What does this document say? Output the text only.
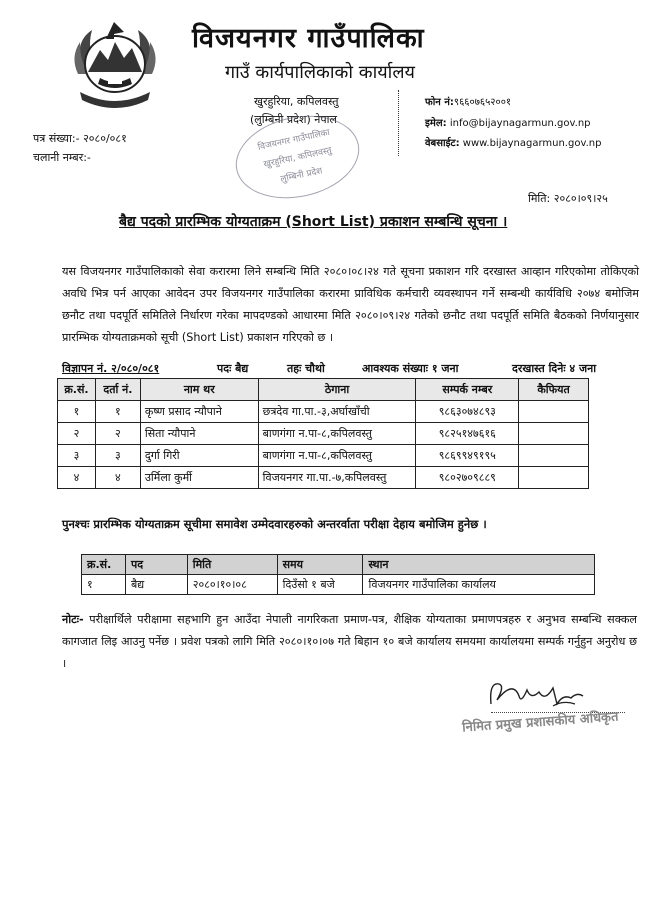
विजयनगर गाउँपालिका
गाउँ कार्यपालिकाको कार्यालय
खुरहुरिया, कपिलवस्तु
(लुम्बिनी प्रदेश) नेपाल
फोन नं:९६६०७६५२००१
इमेल: info@bijaynagarmun.gov.np
वेबसाईट: www.bijaynagarmun.gov.np
विजयनगर गाउँपालिका
खुरहुरिया, कपिलवस्तु
लुम्बिनी प्रदेश
पत्र संख्या:- २०८०/०८१
चलानी नम्बर:-
मिति: २०८०।०९।२५
बैद्य पदको प्रारम्भिक योग्यताक्रम (Short List) प्रकाशन सम्बन्धि सूचना ।
यस विजयनगर गाउँपालिकाको सेवा करारमा लिने सम्बन्धि मिति २०८०।०८।२४ गते सूचना प्रकाशन गरि दरखास्त आव्हान गरिएकोमा तोकिएको अवधि भित्र पर्न आएका आवेदन उपर विजयनगर गाउँपालिका करारमा प्राविधिक कर्मचारी व्यवस्थापन गर्ने सम्बन्धी कार्यविधि २०७४ बमोजिम छनौट तथा पदपूर्ति समितिले निर्धारण गरेका मापदण्डको आधारमा मिति २०८०।०९।२४ गतेको छनौट तथा पदपूर्ति समिति बैठकको निर्णयानुसार प्रारम्भिक योग्यताक्रमको सूची (Short List) प्रकाशन गरिएको छ ।
विज्ञापन नं. २/०८०/०८१	पदः बैद्य	तहः चौथो	आवश्यक संख्याः १ जना	दरखास्त दिनेः ४ जना
क्र.सं.	दर्ता नं.	नाम थर	ठेगाना	सम्पर्क नम्बर	कैफियत
१	१	कृष्ण प्रसाद न्यौपाने	छत्रदेव गा.पा.-३,अर्घाखाँची	९८६३०७४८९३	
२	२	सिता न्यौपाने	बाणगंगा न.पा-८,कपिलवस्तु	९८२५१४७६१६	
३	३	दुर्गा गिरी	बाणगंगा न.पा-८,कपिलवस्तु	९८६९९४९१९५	
४	४	उर्मिला कुर्मी	विजयनगर गा.पा.-७,कपिलवस्तु	९८०२७०९८८९	
पुनश्चः प्रारम्भिक योग्यताक्रम सूचीमा समावेश उम्मेदवारहरुको अन्तरर्वाता परीक्षा देहाय बमोजिम हुनेछ ।
क्र.सं.	पद	मिति	समय	स्थान
१	बैद्य	२०८०।१०।०८	दिउँसो १ बजे	विजयनगर गाउँपालिका कार्यालय
नोटः- परीक्षार्थिले परीक्षामा सहभागि हुन आउँदा नेपाली नागरिकता प्रमाण-पत्र, शैक्षिक योग्यताका प्रमाणपत्रहरु र अनुभव सम्बन्धि सक्कल कागजात लिइ आउनु पर्नेछ । प्रवेश पत्रको लागि मिति २०८०।१०।०७ गते बिहान १० बजे कार्यालय समयमा कार्यालयमा सम्पर्क गर्नुहुन अनुरोध छ ।
निमित प्रमुख प्रशासकीय अधिकृत
